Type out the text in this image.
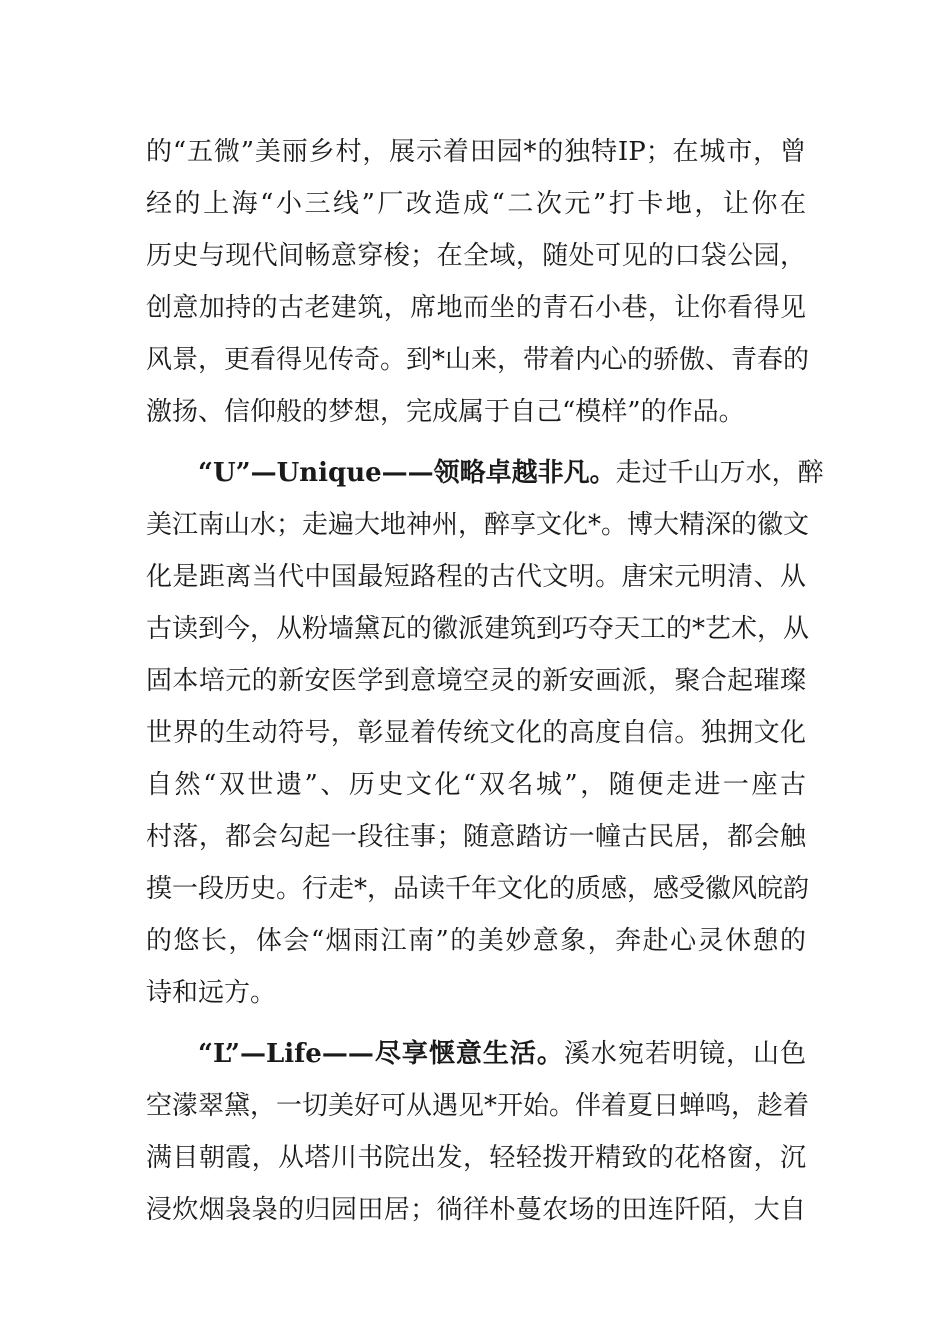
的“五微”美丽乡村，展示着田园*的独特IP；在城市，曾
经的上海“小三线”厂改造成“二次元”打卡地，让你在
历史与现代间畅意穿梭；在全域，随处可见的口袋公园，
创意加持的古老建筑，席地而坐的青石小巷，让你看得见
风景，更看得见传奇。到*山来，带着内心的骄傲、青春的
激扬、信仰般的梦想，完成属于自己“模样”的作品。
“U”—Unique——领略卓越非凡。走过千山万水，醉
美江南山水；走遍大地神州，醉享文化*。博大精深的徽文
化是距离当代中国最短路程的古代文明。唐宋元明清、从
古读到今，从粉墙黛瓦的徽派建筑到巧夺天工的*艺术，从
固本培元的新安医学到意境空灵的新安画派，聚合起璀璨
世界的生动符号，彰显着传统文化的高度自信。独拥文化
自然“双世遗”、历史文化“双名城”，随便走进一座古
村落，都会勾起一段往事；随意踏访一幢古民居，都会触
摸一段历史。行走*，品读千年文化的质感，感受徽风皖韵
的悠长，体会“烟雨江南”的美妙意象，奔赴心灵休憩的
诗和远方。
“L”—Life——尽享惬意生活。溪水宛若明镜，山色
空濛翠黛，一切美好可从遇见*开始。伴着夏日蝉鸣，趁着
满目朝霞，从塔川书院出发，轻轻拨开精致的花格窗，沉
浸炊烟袅袅的归园田居；徜徉朴蔓农场的田连阡陌，大自
